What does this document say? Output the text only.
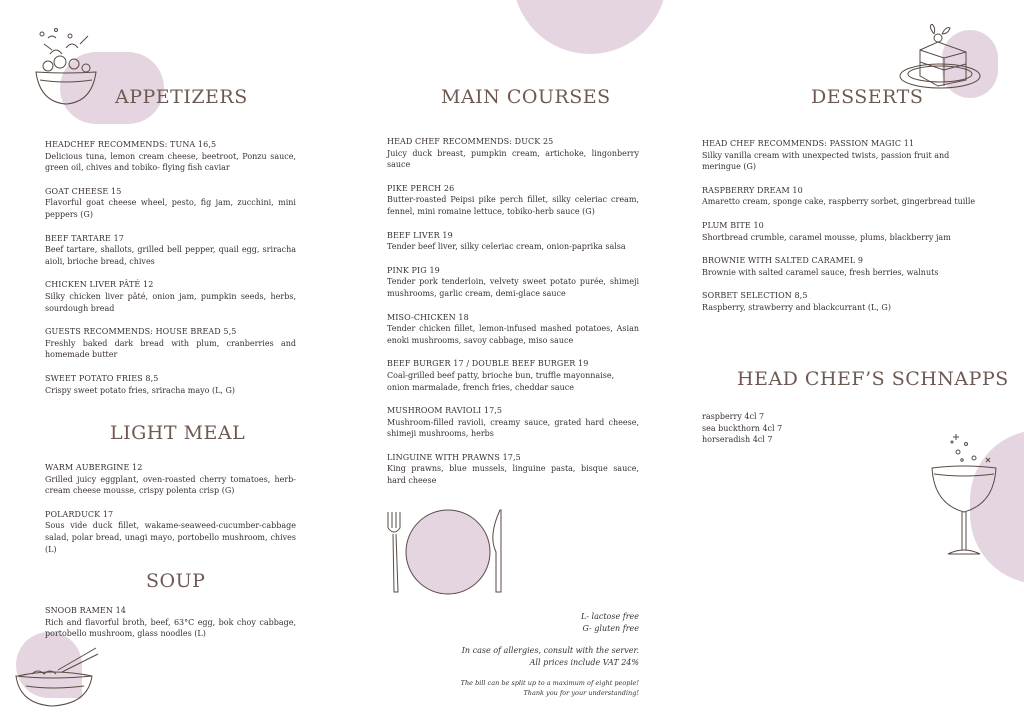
APPETIZERS
HEADCHEF RECOMMENDS: TUNA 16,5
Delicious tuna, lemon cream cheese, beetroot, Ponzu sauce, green oil, chives and tobiko- flying fish caviar
GOAT CHEESE 15
Flavorful goat cheese wheel, pesto, fig jam, zucchini, mini peppers (G)
BEEF TARTARE 17
Beef tartare, shallots, grilled bell pepper, quail egg, sriracha aioli, brioche bread, chives
CHICKEN LIVER PÂTÉ 12
Silky chicken liver pâté, onion jam, pumpkin seeds, herbs, sourdough bread
GUESTS RECOMMENDS: HOUSE BREAD 5,5
Freshly baked dark bread with plum, cranberries and homemade butter
SWEET POTATO FRIES 8,5
Crispy sweet potato fries, sriracha mayo (L, G)
LIGHT MEAL
WARM AUBERGINE 12
Grilled juicy eggplant, oven-roasted cherry tomatoes, herb-cream cheese mousse, crispy polenta crisp (G)
POLARDUCK 17
Sous vide duck fillet, wakame-seaweed-cucumber-cabbage salad, polar bread, unagi mayo, portobello mushroom, chives (L)
SOUP
SNOOB RAMEN 14
Rich and flavorful broth, beef, 63°C egg, bok choy cabbage, portobello mushroom, glass noodles (L)
MAIN COURSES
HEAD CHEF RECOMMENDS: DUCK 25
Juicy duck breast, pumpkin cream, artichoke, lingonberry sauce
PIKE PERCH 26
Butter-roasted Peipsi pike perch fillet, silky celeriac cream, fennel, mini romaine lettuce, tobiko-herb sauce (G)
BEEF LIVER 19
Tender beef liver, silky celeriac cream, onion-paprika salsa
PINK PIG 19
Tender pork tenderloin, velvety sweet potato purée, shimeji mushrooms, garlic cream, demi-glace sauce
MISO-CHICKEN 18
Tender chicken fillet, lemon-infused mashed potatoes, Asian enoki mushrooms, savoy cabbage, miso sauce
BEEF BURGER 17 / DOUBLE BEEF BURGER 19
Coal-grilled beef patty, brioche bun, truffle mayonnaise, onion marmalade, french fries, cheddar sauce
MUSHROOM RAVIOLI 17,5
Mushroom-filled ravioli, creamy sauce, grated hard cheese, shimeji mushrooms, herbs
LINGUINE WITH PRAWNS 17,5
King prawns, blue mussels, linguine pasta, bisque sauce, hard cheese
L- lactose free
G- gluten free
In case of allergies, consult with the server.
All prices include VAT 24%
The bill can be split up to a maximum of eight people!
Thank you for your understanding!
DESSERTS
HEAD CHEF RECOMMENDS: PASSION MAGIC 11
Silky vanilla cream with unexpected twists, passion fruit and meringue (G)
RASPBERRY DREAM 10
Amaretto cream, sponge cake, raspberry sorbet, gingerbread tuille
PLUM BITE 10
Shortbread crumble, caramel mousse, plums, blackberry jam
BROWNIE WITH SALTED CARAMEL 9
Brownie with salted caramel sauce, fresh berries, walnuts
SORBET SELECTION 8,5
Raspberry, strawberry and blackcurrant (L, G)
HEAD CHEF’S SCHNAPPS
raspberry 4cl 7
sea buckthorn 4cl 7
horseradish 4cl 7
